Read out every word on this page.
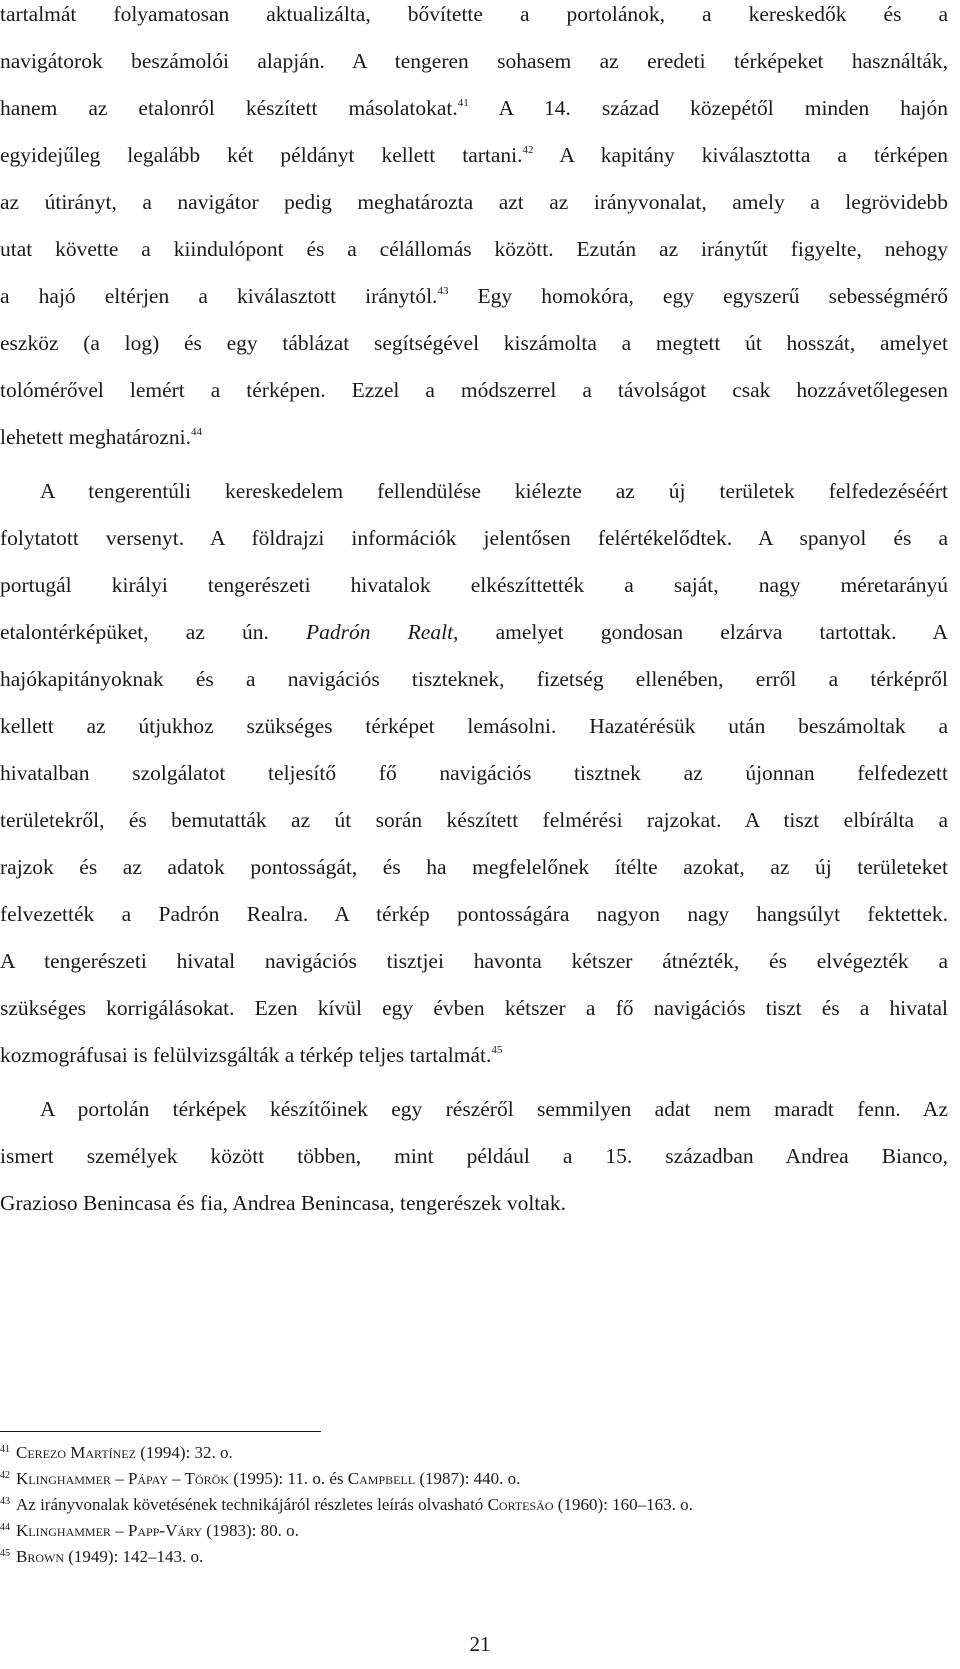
tartalmát folyamatosan aktualizálta, bővítette a portolánok, a kereskedők és a
navigátorok beszámolói alapján. A tengeren sohasem az eredeti térképeket használták,
hanem az etalonról készített másolatokat.$^{41}$ A 14. század közepétől minden hajón
egyidejűleg legalább két példányt kellett tartani.$^{42}$ A kapitány kiválasztotta a térképen
az útirányt, a navigátor pedig meghatározta azt az irányvonalat, amely a legrövidebb
utat követte a kiindulópont és a célállomás között. Ezután az iránytűt figyelte, nehogy
a hajó eltérjen a kiválasztott iránytól.$^{43}$ Egy homokóra, egy egyszerű sebességmérő
eszköz (a log) és egy táblázat segítségével kiszámolta a megtett út hosszát, amelyet
tolómérővel lemért a térképen. Ezzel a módszerrel a távolságot csak hozzávetőlegesen
lehetett meghatározni.$^{44}$
A tengerentúli kereskedelem fellendülése kiélezte az új területek felfedezéséért
folytatott versenyt. A földrajzi információk jelentősen felértékelődtek. A spanyol és a
portugál királyi tengerészeti hivatalok elkészíttették a saját, nagy méretarányú
etalontérképüket, az ún. Padrón Realt, amelyet gondosan elzárva tartottak. A
hajókapitányoknak és a navigációs tiszteknek, fizetség ellenében, erről a térképről
kellett az útjukhoz szükséges térképet lemásolni. Hazatérésük után beszámoltak a
hivatalban szolgálatot teljesítő fő navigációs tisztnek az újonnan felfedezett
területekről, és bemutatták az út során készített felmérési rajzokat. A tiszt elbírálta a
rajzok és az adatok pontosságát, és ha megfelelőnek ítélte azokat, az új területeket
felvezették a Padrón Realra. A térkép pontosságára nagyon nagy hangsúlyt fektettek.
A tengerészeti hivatal navigációs tisztjei havonta kétszer átnézték, és elvégezték a
szükséges korrigálásokat. Ezen kívül egy évben kétszer a fő navigációs tiszt és a hivatal
kozmográfusai is felülvizsgálták a térkép teljes tartalmát.$^{45}$
A portolán térképek készítőinek egy részéről semmilyen adat nem maradt fenn. Az
ismert személyek között többen, mint például a 15. században Andrea Bianco,
Grazioso Benincasa és fia, Andrea Benincasa, tengerészek voltak.
$^{41}$ Cerezo Martínez (1994): 32. o.
$^{42}$ Klinghammer – Pápay – Török (1995): 11. o. és Campbell (1987): 440. o.
$^{43}$ Az irányvonalak követésének technikájáról részletes leírás olvasható Cortesão (1960): 160–163. o.
$^{44}$ Klinghammer – Papp-Váry (1983): 80. o.
$^{45}$ Brown (1949): 142–143. o.
21
